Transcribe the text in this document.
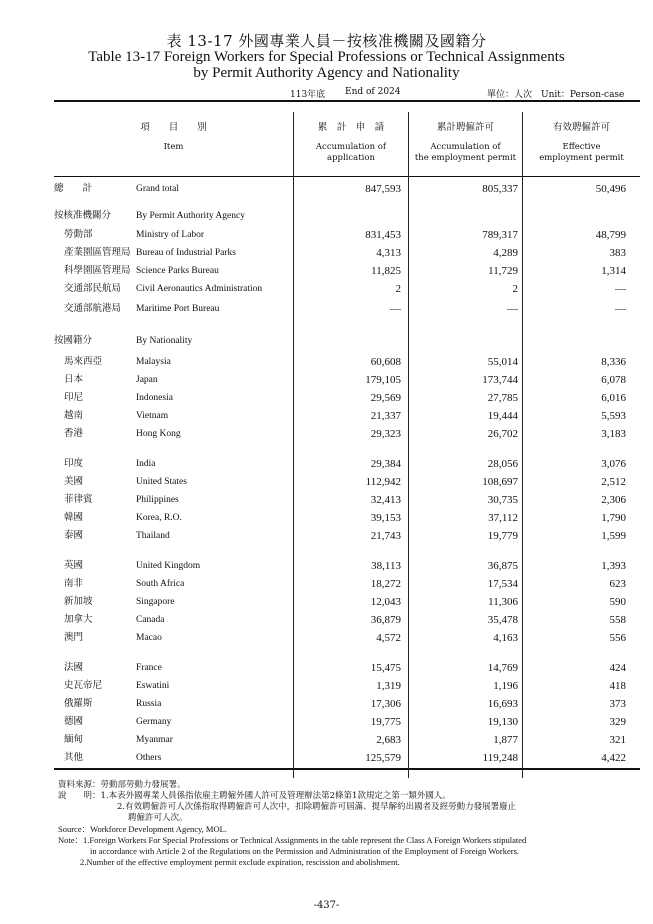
表 13-17 外國專業人員－按核准機關及國籍分
Table 13-17 Foreign Workers for Special Professions or Technical Assignments
by Permit Authority Agency and Nationality
113年底 End of 2024	單位：人次　Unit：Person-case
項　　目　　別
Item
累　計　申　請
Accumulation of
application
累計聘僱許可
Accumulation of
the employment permit
有效聘僱許可
Effective
employment permit
總　　計	Grand total	847,593	805,337	50,496
按核准機關分	By Permit Authority Agency
勞動部	Ministry of Labor	831,453	789,317	48,799
產業園區管理局 Bureau of Industrial Parks	4,313	4,289	383
科學園區管理局 Science Parks Bureau	11,825	11,729	1,314
交通部民航局 Civil Aeronautics Administration	2	2	―
交通部航港局 Maritime Port Bureau	―	―	―
按國籍分	By Nationality
馬來西亞	Malaysia	60,608	55,014	8,336
日本	Japan	179,105	173,744	6,078
印尼	Indonesia	29,569	27,785	6,016
越南	Vietnam	21,337	19,444	5,593
香港	Hong Kong	29,323	26,702	3,183
印度	India	29,384	28,056	3,076
美國	United States	112,942	108,697	2,512
菲律賓	Philippines	32,413	30,735	2,306
韓國	Korea, R.O.	39,153	37,112	1,790
泰國	Thailand	21,743	19,779	1,599
英國	United Kingdom	38,113	36,875	1,393
南非	South Africa	18,272	17,534	623
新加坡	Singapore	12,043	11,306	590
加拿大	Canada	36,879	35,478	558
澳門	Macao	4,572	4,163	556
法國	France	15,475	14,769	424
史瓦帝尼	Eswatini	1,319	1,196	418
俄羅斯	Russia	17,306	16,693	373
德國	Germany	19,775	19,130	329
緬甸	Myanmar	2,683	1,877	321
其他	Others	125,579	119,248	4,422
資料來源：勞動部勞動力發展署。
說　　明：1.本表外國專業人員係指依雇主聘僱外國人許可及管理辦法第2條第1款規定之第一類外國人。
2.有效聘僱許可人次係指取得聘僱許可人次中，扣除聘僱許可屆滿、提早解約出國者及經勞動力發展署廢止
聘僱許可人次。
Source：Workforce Development Agency, MOL.
Note：1.Foreign Workers For Special Professions or Technical Assignments in the table represent the Class A Foreign Workers stipulated
in accordance with Article 2 of the Regulations on the Permission and Administration of the Employment of Foreign Workers.
2.Number of the effective employment permit exclude expiration, rescission and abolishment.
-437-
